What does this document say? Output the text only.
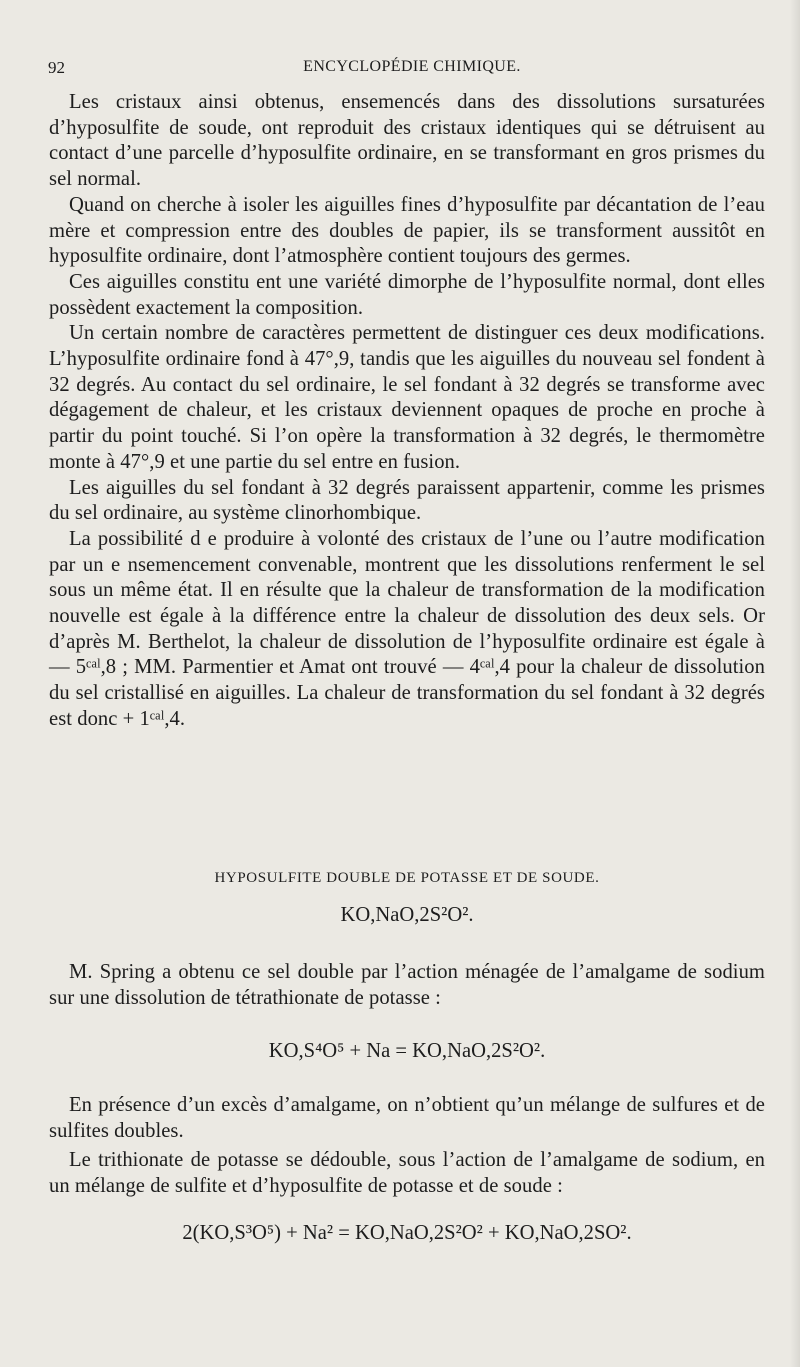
92	ENCYCLOPÉDIE CHIMIQUE.

Les cristaux ainsi obtenus, ensemencés dans des dissolutions sursaturées d’hyposulfite de soude, ont reproduit des cristaux identiques qui se détruisent au contact d’une parcelle d’hyposulfite ordinaire, en se transformant en gros prismes du sel normal.

Quand on cherche à isoler les aiguilles fines d’hyposulfite par décantation de l’eau mère et compression entre des doubles de papier, ils se transforment aussitôt en hyposulfite ordinaire, dont l’atmosphère contient toujours des germes.

Ces aiguilles constitu ent une variété dimorphe de l’hyposulfite normal, dont elles possèdent exactement la composition.

Un certain nombre de caractères permettent de distinguer ces deux modifications. L’hyposulfite ordinaire fond à 47°,9, tandis que les aiguilles du nouveau sel fondent à 32 degrés. Au contact du sel ordinaire, le sel fondant à 32 degrés se transforme avec dégagement de chaleur, et les cristaux deviennent opaques de proche en proche à partir du point touché. Si l’on opère la transformation à 32 degrés, le thermomètre monte à 47°,9 et une partie du sel entre en fusion.

Les aiguilles du sel fondant à 32 degrés paraissent appartenir, comme les prismes du sel ordinaire, au système clinorhombique.

La possibilité d e produire à volonté des cristaux de l’une ou l’autre modification par un e nsemencement convenable, montrent que les dissolutions renferment le sel sous un même état. Il en résulte que la chaleur de transformation de la modification nouvelle est égale à la différence entre la chaleur de dissolution des deux sels. Or d’après M. Berthelot, la chaleur de dissolution de l’hyposulfite ordinaire est égale à — 5ᶜᵃˡ,8 ; MM. Parmentier et Amat ont trouvé — 4ᶜᵃˡ,4 pour la chaleur de dissolution du sel cristallisé en aiguilles. La chaleur de transformation du sel fondant à 32 degrés est donc + 1ᶜᵃˡ,4.

HYPOSULFITE DOUBLE DE POTASSE ET DE SOUDE.
KO,NaO,2S²O².

M. Spring a obtenu ce sel double par l’action ménagée de l’amalgame de sodium sur une dissolution de tétrathionate de potasse :

KO,S⁴O⁵ + Na = KO,NaO,2S²O².

En présence d’un excès d’amalgame, on n’obtient qu’un mélange de sulfures et de sulfites doubles.

Le trithionate de potasse se dédouble, sous l’action de l’amalgame de sodium, en un mélange de sulfite et d’hyposulfite de potasse et de soude :

2(KO,S³O⁵) + Na² = KO,NaO,2S²O² + KO,NaO,2SO².
